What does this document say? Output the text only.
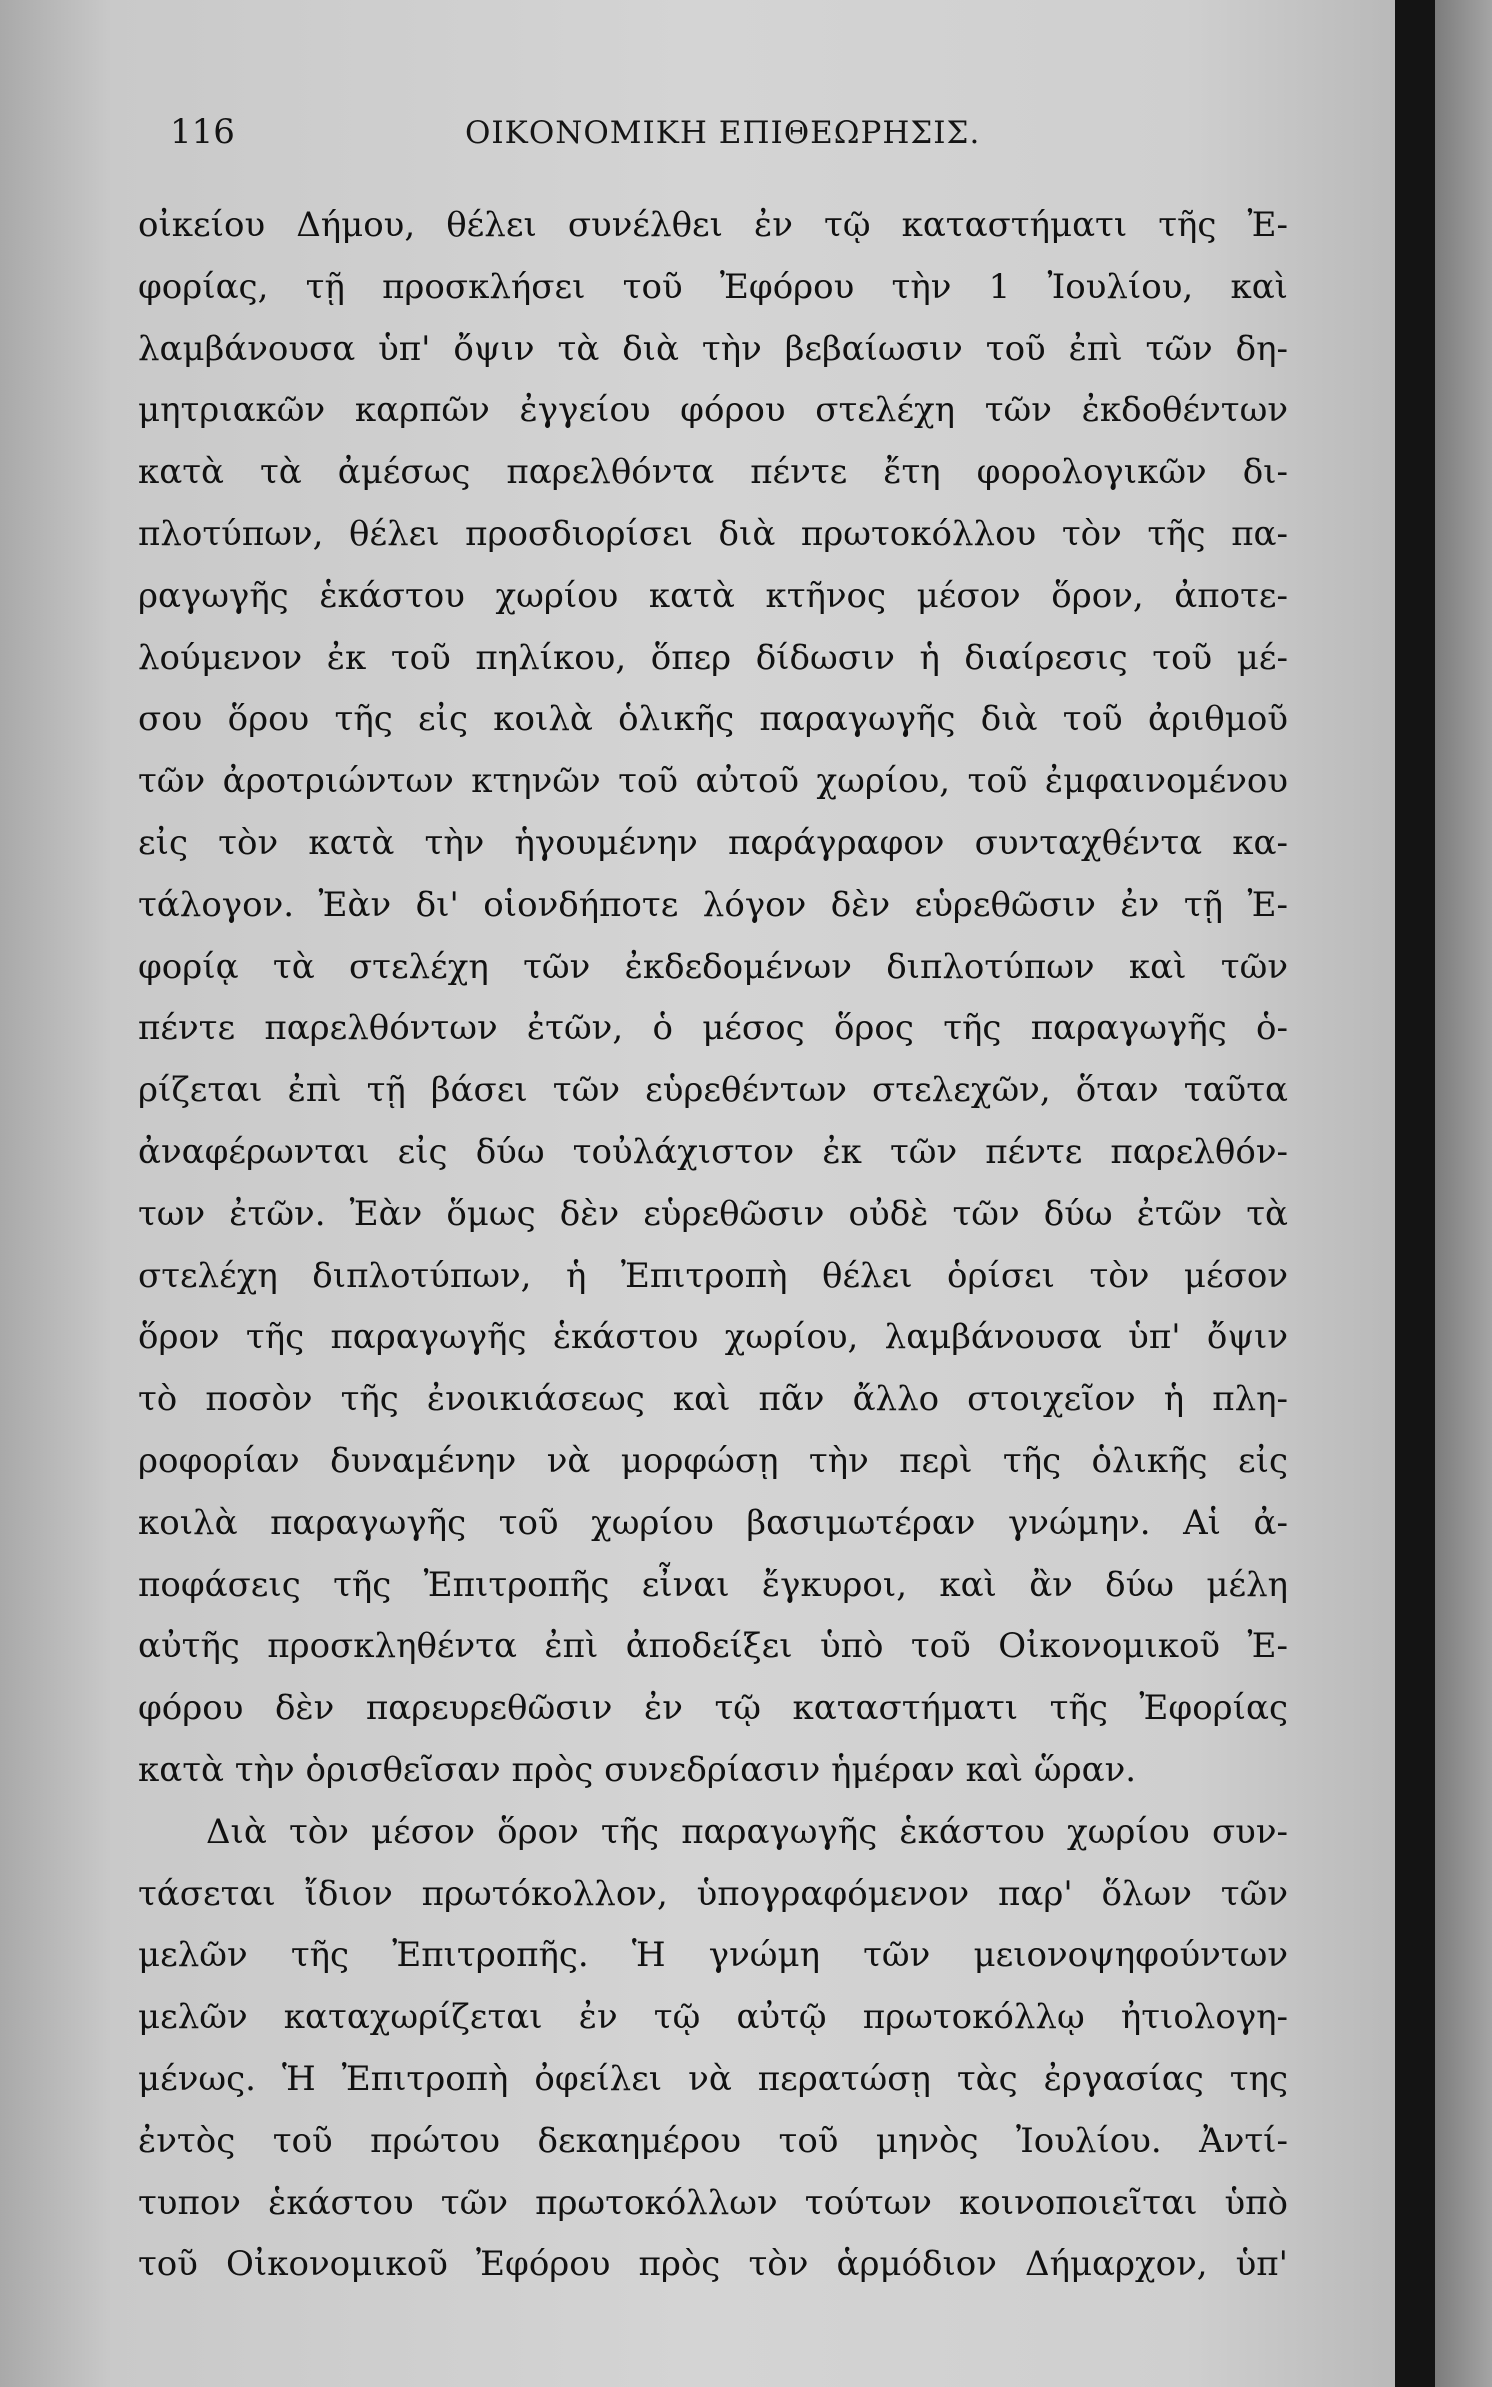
116	ΟΙΚΟΝΟΜΙΚΗ ΕΠΙΘΕΩΡΗΣΙΣ.
οἰκείου Δήμου, θέλει συνέλθει ἐν τῷ καταστήματι τῆς Ἐ-
φορίας, τῇ προσκλήσει τοῦ Ἐφόρου τὴν 1 Ἰουλίου, καὶ
λαμβάνουσα ὑπ' ὄψιν τὰ διὰ τὴν βεβαίωσιν τοῦ ἐπὶ τῶν δη-
μητριακῶν καρπῶν ἐγγείου φόρου στελέχη τῶν ἐκδοθέντων
κατὰ τὰ ἀμέσως παρελθόντα πέντε ἔτη φορολογικῶν δι-
πλοτύπων, θέλει προσδιορίσει διὰ πρωτοκόλλου τὸν τῆς πα-
ραγωγῆς ἑκάστου χωρίου κατὰ κτῆνος μέσον ὅρον, ἀποτε-
λούμενον ἐκ τοῦ πηλίκου, ὅπερ δίδωσιν ἡ διαίρεσις τοῦ μέ-
σου ὅρου τῆς εἰς κοιλὰ ὁλικῆς παραγωγῆς διὰ τοῦ ἀριθμοῦ
τῶν ἀροτριώντων κτηνῶν τοῦ αὐτοῦ χωρίου, τοῦ ἐμφαινομένου
εἰς τὸν κατὰ τὴν ἡγουμένην παράγραφον συνταχθέντα κα-
τάλογον. Ἐὰν δι' οἱονδήποτε λόγον δὲν εὑρεθῶσιν ἐν τῇ Ἐ-
φορίᾳ τὰ στελέχη τῶν ἐκδεδομένων διπλοτύπων καὶ τῶν
πέντε παρελθόντων ἐτῶν, ὁ μέσος ὅρος τῆς παραγωγῆς ὁ-
ρίζεται ἐπὶ τῇ βάσει τῶν εὑρεθέντων στελεχῶν, ὅταν ταῦτα
ἀναφέρωνται εἰς δύω τοὐλάχιστον ἐκ τῶν πέντε παρελθόν-
των ἐτῶν. Ἐὰν ὅμως δὲν εὑρεθῶσιν οὐδὲ τῶν δύω ἐτῶν τὰ
στελέχη διπλοτύπων, ἡ Ἐπιτροπὴ θέλει ὁρίσει τὸν μέσον
ὅρον τῆς παραγωγῆς ἑκάστου χωρίου, λαμβάνουσα ὑπ' ὄψιν
τὸ ποσὸν τῆς ἐνοικιάσεως καὶ πᾶν ἄλλο στοιχεῖον ἡ πλη-
ροφορίαν δυναμένην νὰ μορφώσῃ τὴν περὶ τῆς ὁλικῆς εἰς
κοιλὰ παραγωγῆς τοῦ χωρίου βασιμωτέραν γνώμην. Αἱ ἀ-
ποφάσεις τῆς Ἐπιτροπῆς εἶναι ἔγκυροι, καὶ ἂν δύω μέλη
αὐτῆς προσκληθέντα ἐπὶ ἀποδείξει ὑπὸ τοῦ Οἰκονομικοῦ Ἐ-
φόρου δὲν παρευρεθῶσιν ἐν τῷ καταστήματι τῆς Ἐφορίας
κατὰ τὴν ὁρισθεῖσαν πρὸς συνεδρίασιν ἡμέραν καὶ ὥραν.
Διὰ τὸν μέσον ὅρον τῆς παραγωγῆς ἑκάστου χωρίου συν-
τάσεται ἴδιον πρωτόκολλον, ὑπογραφόμενον παρ' ὅλων τῶν
μελῶν τῆς Ἐπιτροπῆς. Ἡ γνώμη τῶν μειονοψηφούντων
μελῶν καταχωρίζεται ἐν τῷ αὐτῷ πρωτοκόλλῳ ἠτιολογη-
μένως. Ἡ Ἐπιτροπὴ ὀφείλει νὰ περατώσῃ τὰς ἐργασίας της
ἐντὸς τοῦ πρώτου δεκαημέρου τοῦ μηνὸς Ἰουλίου. Ἀντί-
τυπον ἑκάστου τῶν πρωτοκόλλων τούτων κοινοποιεῖται ὑπὸ
τοῦ Οἰκονομικοῦ Ἐφόρου πρὸς τὸν ἁρμόδιον Δήμαρχον, ὑπ'
